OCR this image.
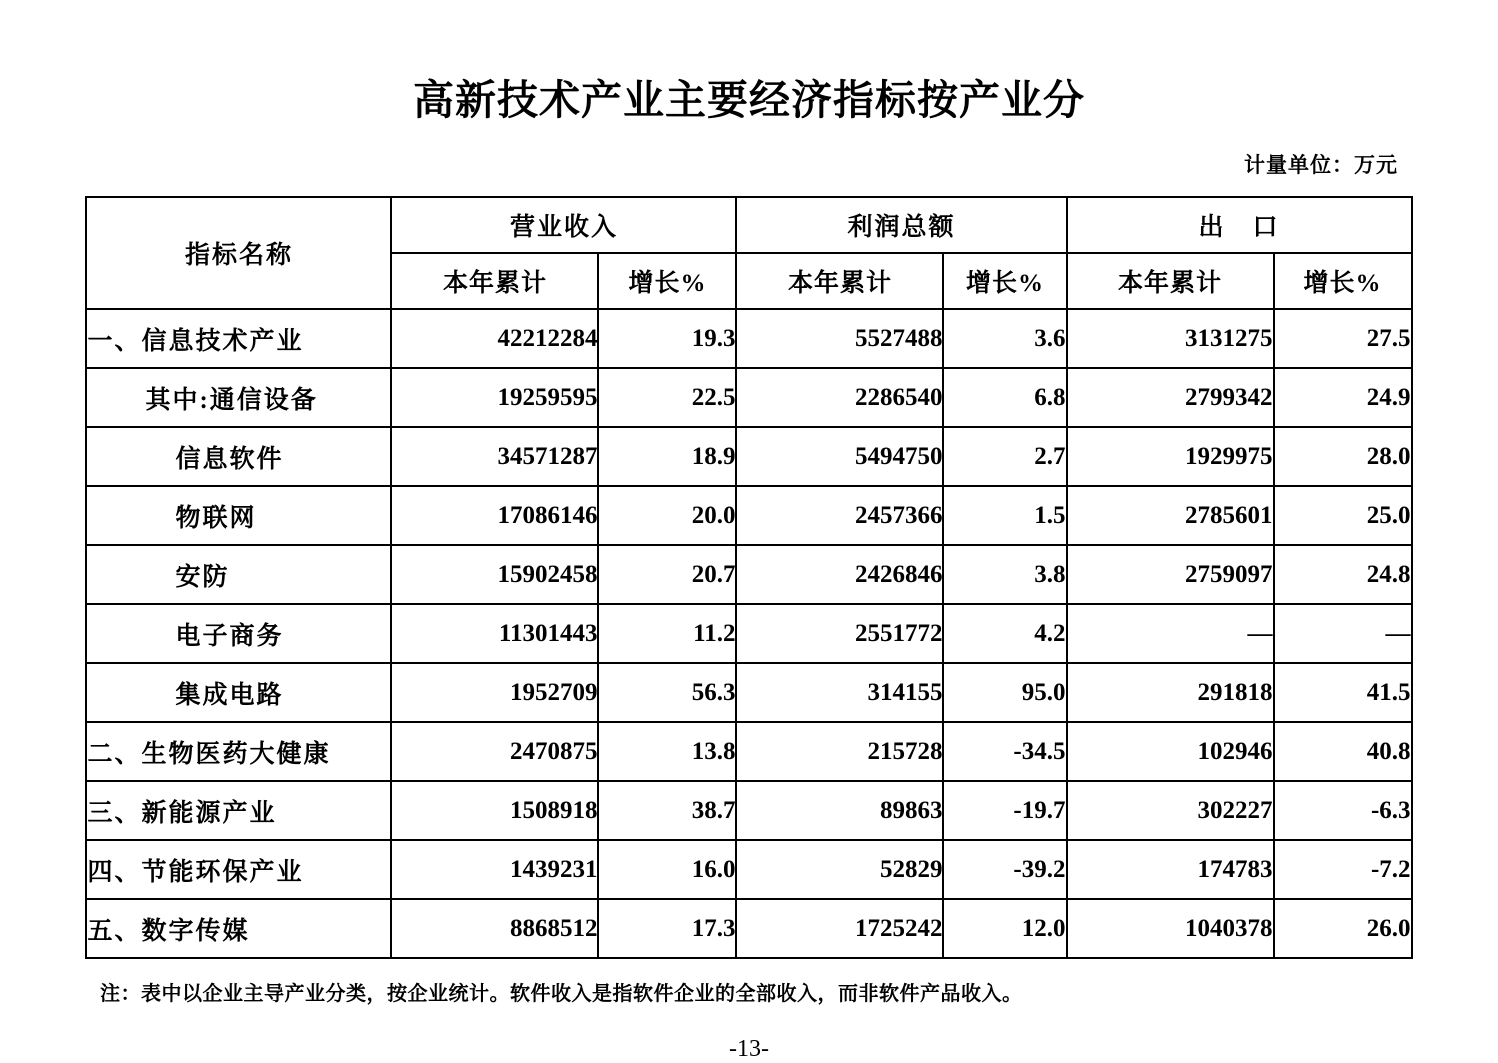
高新技术产业主要经济指标按产业分
计量单位：万元
指标名称	营业收入		利润总额		出　口	
	本年累计	增长%	本年累计	增长%	本年累计	增长%
一、信息技术产业	42212284	19.3	5527488	3.6	3131275	27.5
其中:通信设备	19259595	22.5	2286540	6.8	2799342	24.9
信息软件	34571287	18.9	5494750	2.7	1929975	28.0
物联网	17086146	20.0	2457366	1.5	2785601	25.0
安防	15902458	20.7	2426846	3.8	2759097	24.8
电子商务	11301443	11.2	2551772	4.2	—	—
集成电路	1952709	56.3	314155	95.0	291818	41.5
二、生物医药大健康	2470875	13.8	215728	-34.5	102946	40.8
三、新能源产业	1508918	38.7	89863	-19.7	302227	-6.3
四、节能环保产业	1439231	16.0	52829	-39.2	174783	-7.2
五、数字传媒	8868512	17.3	1725242	12.0	1040378	26.0
注：表中以企业主导产业分类，按企业统计。软件收入是指软件企业的全部收入，而非软件产品收入。
-13-
